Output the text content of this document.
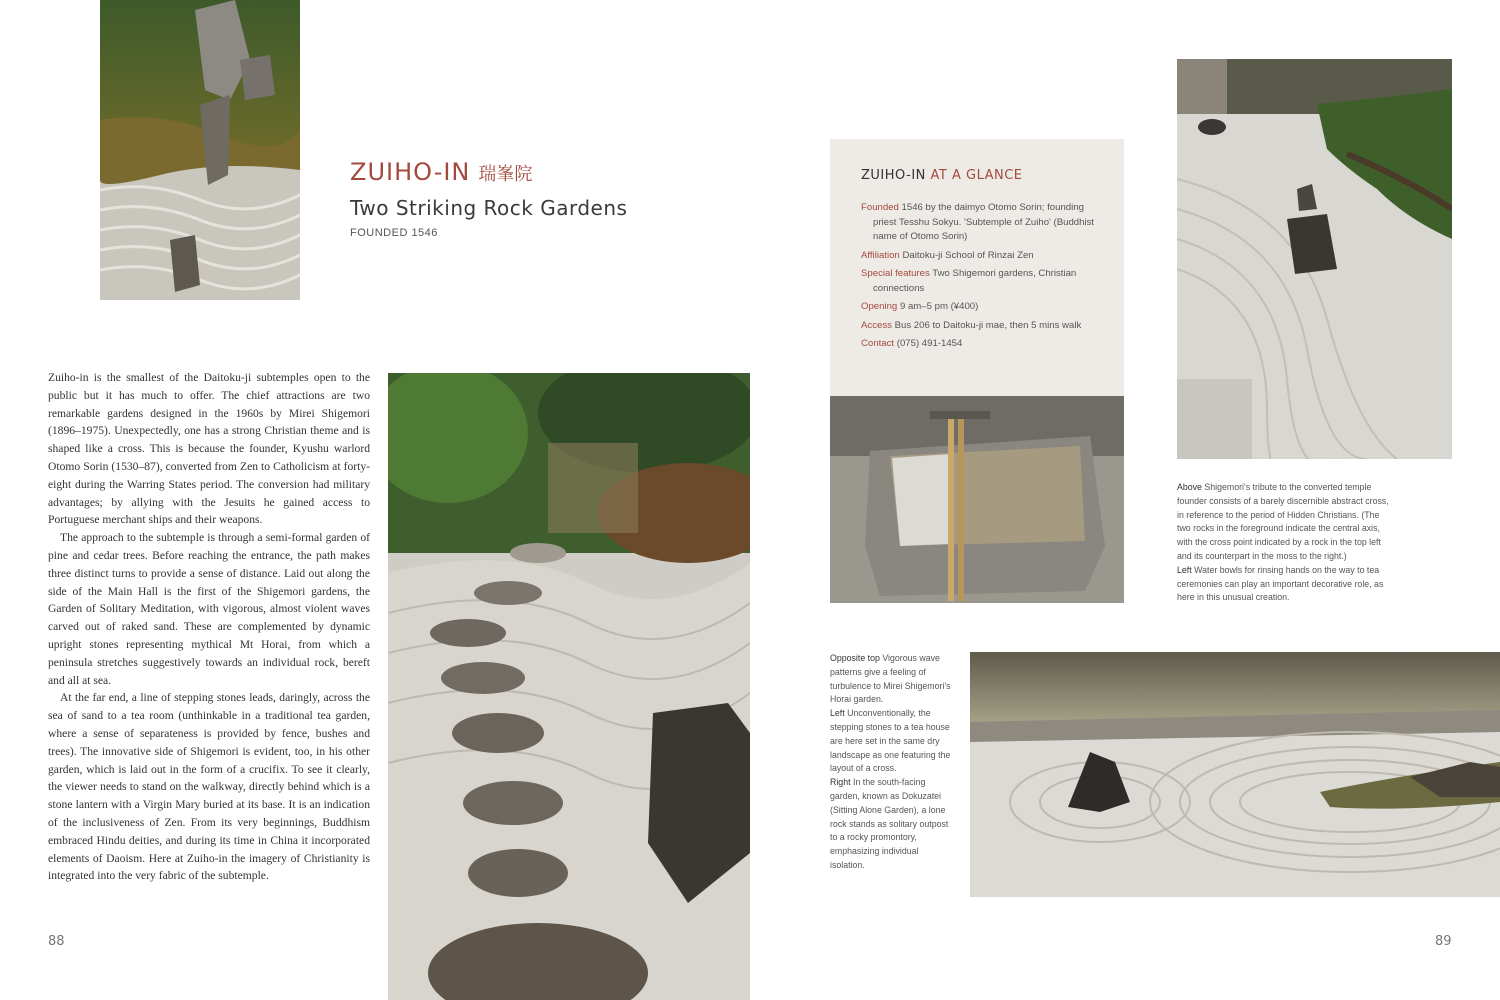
ZUIHO-IN 瑞峯院
Two Striking Rock Gardens
FOUNDED 1546

Zuiho-in is the smallest of the Daitoku-ji subtemples open to the public but it has much to offer. The chief attractions are two remarkable gardens designed in the 1960s by Mirei Shigemori (1896–1975). Unexpectedly, one has a strong Christian theme and is shaped like a cross. This is because the founder, Kyushu warlord Otomo Sorin (1530–87), converted from Zen to Catholicism at forty-eight during the Warring States period. The conversion had military advantages; by allying with the Jesuits he gained access to Portuguese merchant ships and their weapons.

The approach to the subtemple is through a semi-formal garden of pine and cedar trees. Before reaching the entrance, the path makes three distinct turns to provide a sense of distance. Laid out along the side of the Main Hall is the first of the Shigemori gardens, the Garden of Solitary Meditation, with vigorous, almost violent waves carved out of raked sand. These are complemented by dynamic upright stones representing mythical Mt Horai, from which a peninsula stretches suggestively towards an individual rock, bereft and all at sea.

At the far end, a line of stepping stones leads, daringly, across the sea of sand to a tea room (unthinkable in a traditional tea garden, where a sense of separateness is provided by fence, bushes and trees). The innovative side of Shigemori is evident, too, in his other garden, which is laid out in the form of a crucifix. To see it clearly, the viewer needs to stand on the walkway, directly behind which is a stone lantern with a Virgin Mary buried at its base. It is an indication of the inclusiveness of Zen. From its very beginnings, Buddhism embraced Hindu deities, and during its time in China it incorporated elements of Daoism. Here at Zuiho-in the imagery of Christianity is integrated into the very fabric of the subtemple.

ZUIHO-IN AT A GLANCE
Founded 1546 by the daimyo Otomo Sorin; founding priest Tesshu Sokyu. 'Subtemple of Zuiho' (Buddhist name of Otomo Sorin)
Affiliation Daitoku-ji School of Rinzai Zen
Special features Two Shigemori gardens, Christian connections
Opening 9 am–5 pm (¥400)
Access Bus 206 to Daitoku-ji mae, then 5 mins walk
Contact (075) 491-1454
Above Shigemori's tribute to the converted temple founder consists of a barely discernible abstract cross, in reference to the period of Hidden Christians. (The two rocks in the foreground indicate the central axis, with the cross point indicated by a rock in the top left and its counterpart in the moss to the right.)
Left Water bowls for rinsing hands on the way to tea ceremonies can play an important decorative role, as here in this unusual creation.
Opposite top Vigorous wave patterns give a feeling of turbulence to Mirei Shigemori's Horai garden.
Left Unconventionally, the stepping stones to a tea house are here set in the same dry landscape as one featuring the layout of a cross.
Right In the south-facing garden, known as Dokuzatei (Sitting Alone Garden), a lone rock stands as solitary outpost to a rocky promontory, emphasizing individual isolation.
88	89
